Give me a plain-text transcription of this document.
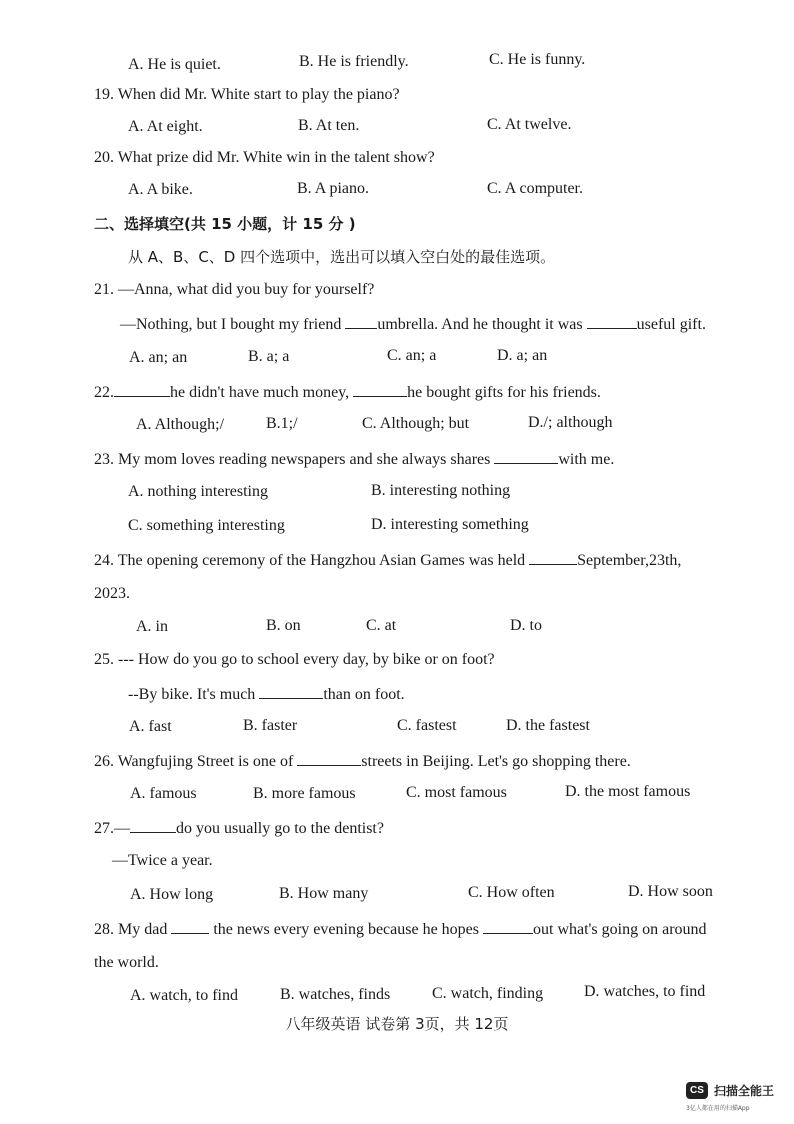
A. He is quiet.	B. He is friendly.	C. He is funny.
19. When did Mr. White start to play the piano?
A. At eight.	B. At ten.	C. At twelve.
20. What prize did Mr. White win in the talent show?
A. A bike.	B. A piano.	C. A computer.
二、选择填空(共 15 小题，计 15 分 )
从 A、B、C、D 四个选项中，选出可以填入空白处的最佳选项。
21. —Anna, what did you buy for yourself?
—Nothing, but I bought my friend umbrella. And he thought it was	useful gift.
A. an; an	B. a; a	C. an; a	D. a; an
22.	he didn't have much money,	he bought gifts for his friends.
A. Although;/	B.1;/	C. Although; but	D./; although
23. My mom loves reading newspapers and she always shares	with me.
A. nothing interesting	B. interesting nothing
C. something interesting	D. interesting something
24. The opening ceremony of the Hangzhou Asian Games was held	September,23th,
2023.
A. in	B. on	C. at	D. to
25. --- How do you go to school every day, by bike or on foot?
--By bike. It's much	than on foot.
A. fast	B. faster	C. fastest	D. the fastest
26. Wangfujing Street is one of	streets in Beijing. Let's go shopping there.
A. famous	B. more famous	C. most famous	D. the most famous
27.—	do you usually go to the dentist?
—Twice a year.
A. How long	B. How many	C. How often	D. How soon
28. My dad  the news every evening because he hopes	out what's going on around
the world.
A. watch, to find	B. watches, finds	C. watch, finding	D. watches, to find
八年级英语 试卷第 3页，共 12页
CS 扫描全能王
3亿人都在用的扫描App
